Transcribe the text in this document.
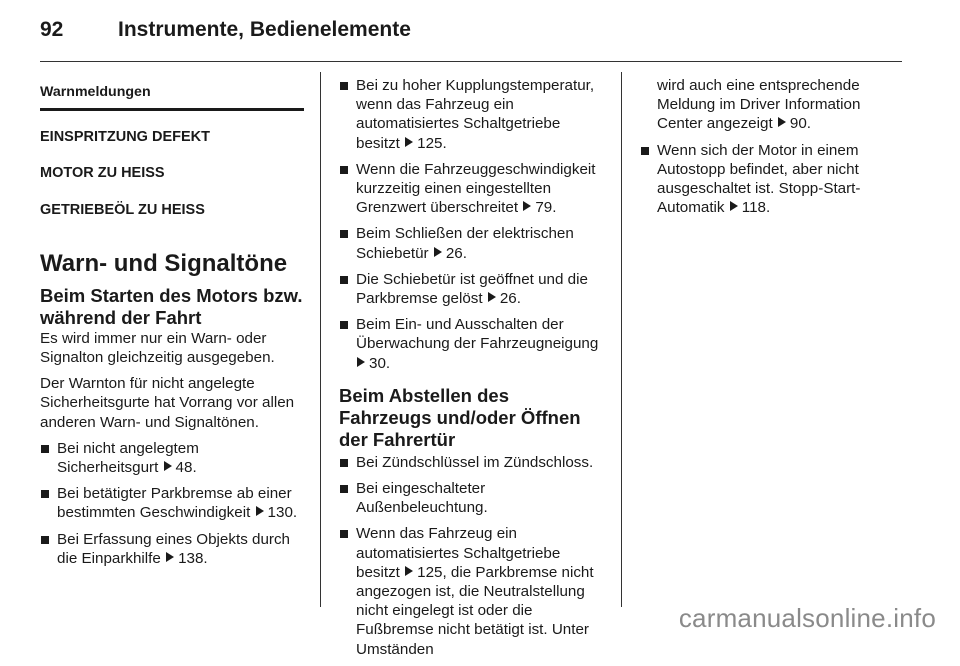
92	Instrumente, Bedienelemente
Warnmeldungen

EINSPRITZUNG DEFEKT

MOTOR ZU HEISS

GETRIEBEÖL ZU HEISS

Warn- und Signaltöne
Beim Starten des Motors bzw. während der Fahrt

Es wird immer nur ein Warn- oder Signalton gleichzeitig ausgegeben.

Der Warnton für nicht angelegte Sicherheitsgurte hat Vorrang vor allen anderen Warn- und Signaltönen.

Bei nicht angelegtem Sicherheitsgurt 48.
Bei betätigter Parkbremse ab einer bestimmten Geschwindigkeit 130.
Bei Erfassung eines Objekts durch die Einparkhilfe 138.
Bei zu hoher Kupplungstemperatur, wenn das Fahrzeug ein automatisiertes Schaltgetriebe besitzt 125.
Wenn die Fahrzeuggeschwindigkeit kurzzeitig einen eingestellten Grenzwert überschreitet 79.
Beim Schließen der elektrischen Schiebetür 26.
Die Schiebetür ist geöffnet und die Parkbremse gelöst 26.
Beim Ein- und Ausschalten der Überwachung der Fahrzeugneigung 30.
Beim Abstellen des Fahrzeugs und/oder Öffnen der Fahrertür
Bei Zündschlüssel im Zündschloss.
Bei eingeschalteter Außenbeleuchtung.
Wenn das Fahrzeug ein automatisiertes Schaltgetriebe besitzt 125, die Parkbremse nicht angezogen ist, die Neutralstellung nicht eingelegt ist oder die Fußbremse nicht betätigt ist. Unter Umständen

wird auch eine entsprechende Meldung im Driver Information Center angezeigt 90.

Wenn sich der Motor in einem Autostopp befindet, aber nicht ausgeschaltet ist. Stopp-Start-Automatik 118.
carmanualsonline.info
